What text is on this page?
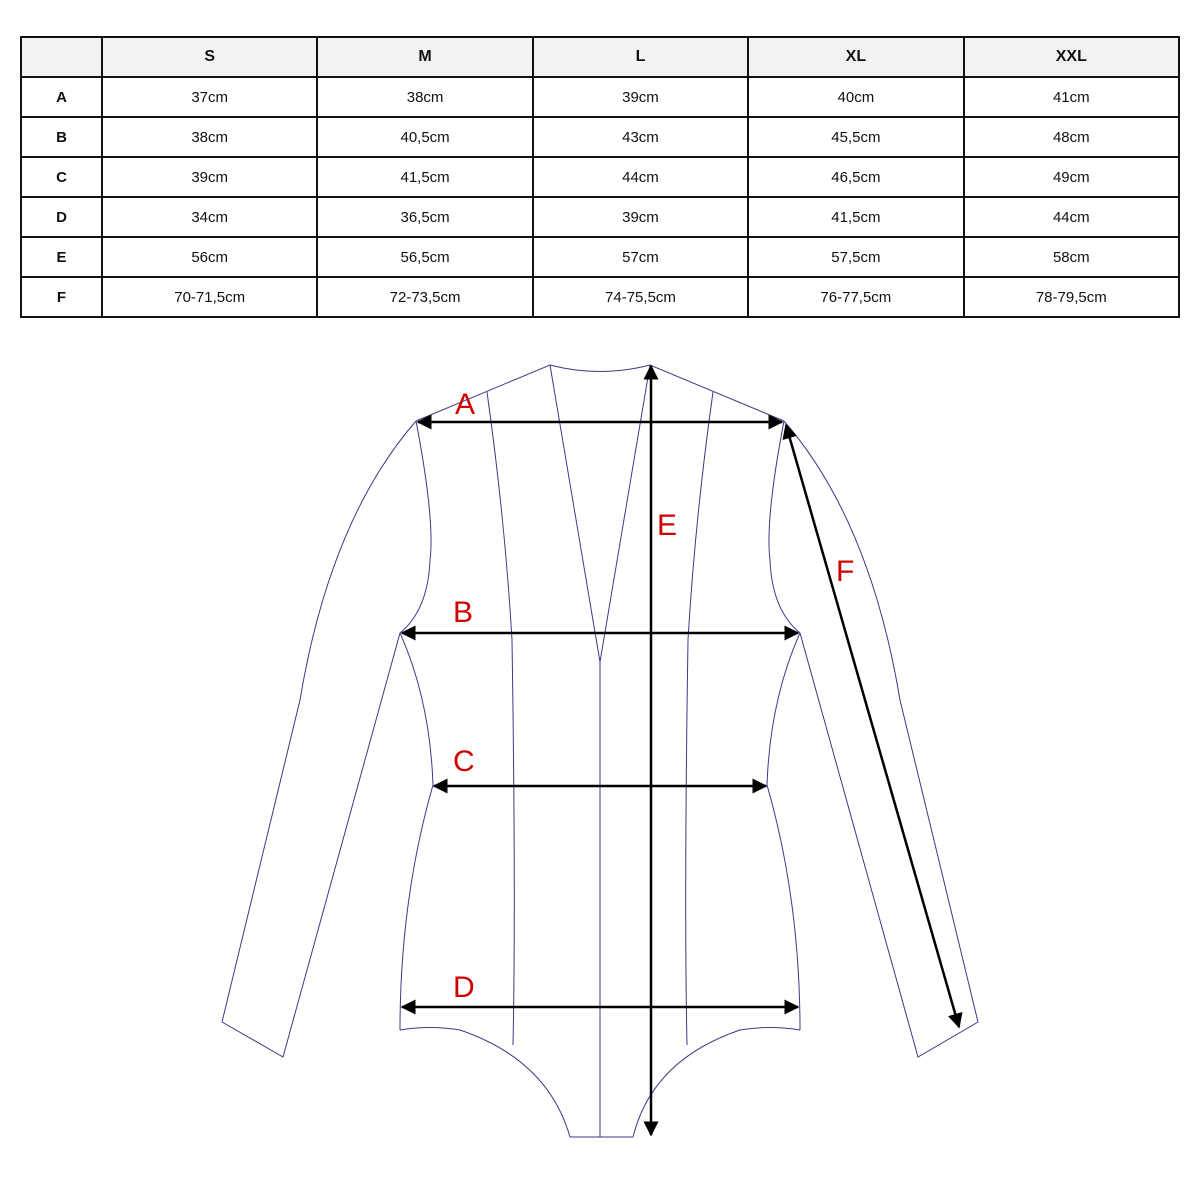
	S	M	L	XL	XXL
A	37cm	38cm	39cm	40cm	41cm
B	38cm	40,5cm	43cm	45,5cm	48cm
C	39cm	41,5cm	44cm	46,5cm	49cm
D	34cm	36,5cm	39cm	41,5cm	44cm
E	56cm	56,5cm	57cm	57,5cm	58cm
F	70-71,5cm	72-73,5cm	74-75,5cm	76-77,5cm	78-79,5cm
A
B
C
D
E
F
